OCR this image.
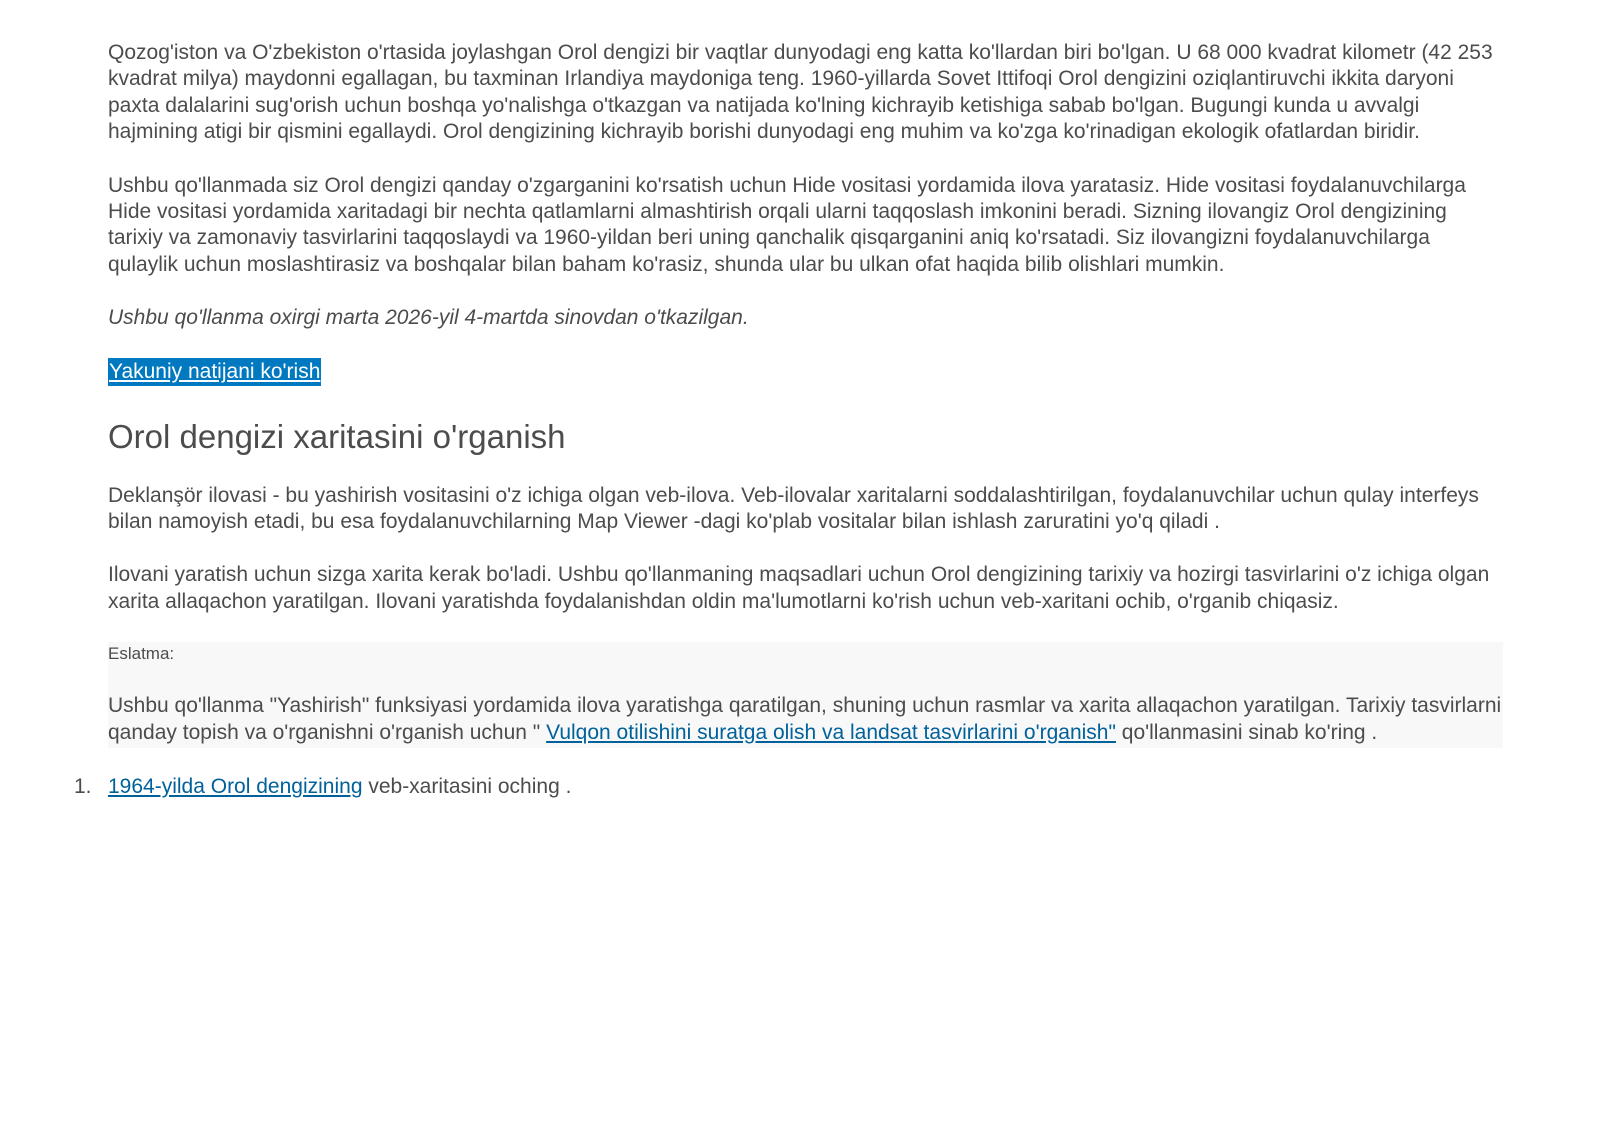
Qozog'iston va O'zbekiston o'rtasida joylashgan Orol dengizi bir vaqtlar dunyodagi eng katta ko'llardan biri bo'lgan. U 68 000 kvadrat kilometr (42 253 kvadrat milya) maydonni egallagan, bu taxminan Irlandiya maydoniga teng. 1960-yillarda Sovet Ittifoqi Orol dengizini oziqlantiruvchi ikkita daryoni paxta dalalarini sug'orish uchun boshqa yo'nalishga o'tkazgan va natijada ko'lning kichrayib ketishiga sabab bo'lgan. Bugungi kunda u avvalgi hajmining atigi bir qismini egallaydi. Orol dengizining kichrayib borishi dunyodagi eng muhim va ko'zga ko'rinadigan ekologik ofatlardan biridir.

Ushbu qo'llanmada siz Orol dengizi qanday o'zgarganini ko'rsatish uchun Hide vositasi yordamida ilova yaratasiz. Hide vositasi foydalanuvchilarga Hide vositasi yordamida xaritadagi bir nechta qatlamlarni almashtirish orqali ularni taqqoslash imkonini beradi. Sizning ilovangiz Orol dengizining tarixiy va zamonaviy tasvirlarini taqqoslaydi va 1960-yildan beri uning qanchalik qisqarganini aniq ko'rsatadi. Siz ilovangizni foydalanuvchilarga qulaylik uchun moslashtirasiz va boshqalar bilan baham ko'rasiz, shunda ular bu ulkan ofat haqida bilib olishlari mumkin.

Ushbu qo'llanma oxirgi marta 2026-yil 4-martda sinovdan o'tkazilgan.

Yakuniy natijani ko'rish
Orol dengizi xaritasini o'rganish

Deklanşör ilovasi - bu yashirish vositasini o'z ichiga olgan veb-ilova. Veb-ilovalar xaritalarni soddalashtirilgan, foydalanuvchilar uchun qulay interfeys bilan namoyish etadi, bu esa foydalanuvchilarning Map Viewer -dagi ko'plab vositalar bilan ishlash zaruratini yo'q qiladi .

Ilovani yaratish uchun sizga xarita kerak bo'ladi. Ushbu qo'llanmaning maqsadlari uchun Orol dengizining tarixiy va hozirgi tasvirlarini o'z ichiga olgan xarita allaqachon yaratilgan. Ilovani yaratishda foydalanishdan oldin ma'lumotlarni ko'rish uchun veb-xaritani ochib, o'rganib chiqasiz.

Eslatma:

Ushbu qo'llanma "Yashirish" funksiyasi yordamida ilova yaratishga qaratilgan, shuning uchun rasmlar va xarita allaqachon yaratilgan. Tarixiy tasvirlarni qanday topish va o'rganishni o'rganish uchun " Vulqon otilishini suratga olish va landsat tasvirlarini o'rganish" qo'llanmasini sinab ko'ring .

1. 1964-yilda Orol dengizining veb-xaritasini oching .
